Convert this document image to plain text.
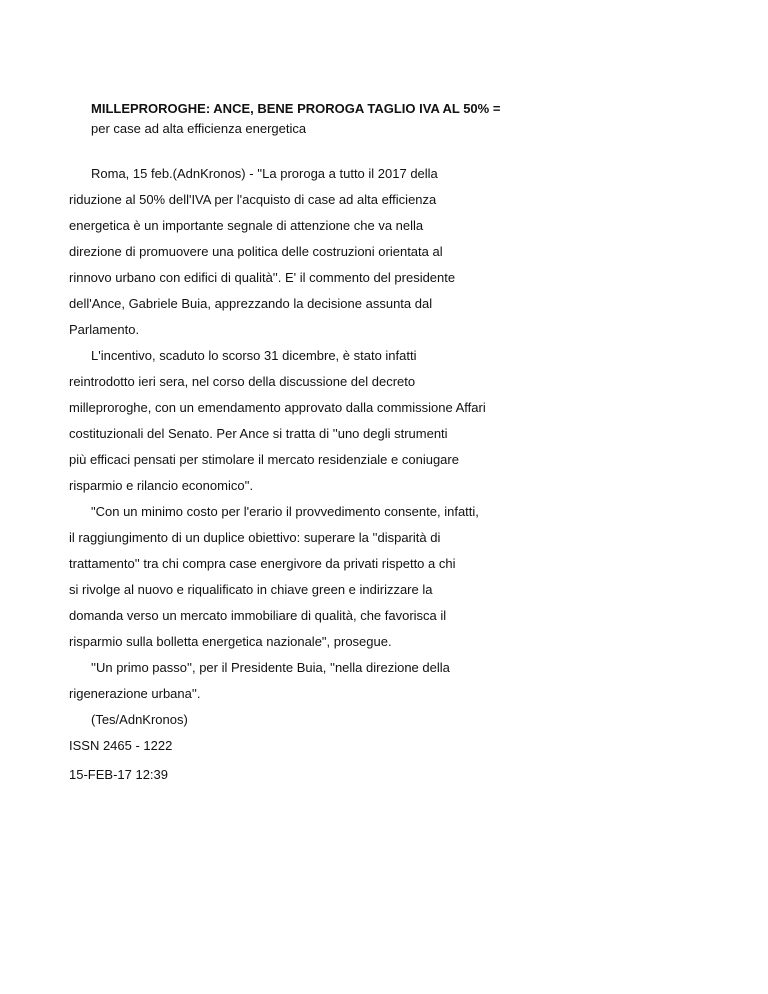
MILLEPROROGHE: ANCE, BENE PROROGA TAGLIO IVA AL 50% =
per case ad alta efficienza energetica
Roma, 15 feb.(AdnKronos) - ''La proroga a tutto il 2017 della
riduzione al 50% dell'IVA per l'acquisto di case ad alta efficienza
energetica è un importante segnale di attenzione che va nella
direzione di promuovere una politica delle costruzioni orientata al
rinnovo urbano con edifici di qualità''. E' il commento del presidente
dell'Ance, Gabriele Buia, apprezzando la decisione assunta dal
Parlamento.
L'incentivo, scaduto lo scorso 31 dicembre, è stato infatti
reintrodotto ieri sera, nel corso della discussione del decreto
milleproroghe, con un emendamento approvato dalla commissione Affari
costituzionali del Senato. Per Ance si tratta di ''uno degli strumenti
più efficaci pensati per stimolare il mercato residenziale e coniugare
risparmio e rilancio economico''.
"Con un minimo costo per l'erario il provvedimento consente, infatti,
il raggiungimento di un duplice obiettivo: superare la ''disparità di
trattamento'' tra chi compra case energivore da privati rispetto a chi
si rivolge al nuovo e riqualificato in chiave green e indirizzare la
domanda verso un mercato immobiliare di qualità, che favorisca il
risparmio sulla bolletta energetica nazionale", prosegue.
''Un primo passo'', per il Presidente Buia, ''nella direzione della
rigenerazione urbana''.
(Tes/AdnKronos)
ISSN 2465 - 1222
15-FEB-17 12:39
